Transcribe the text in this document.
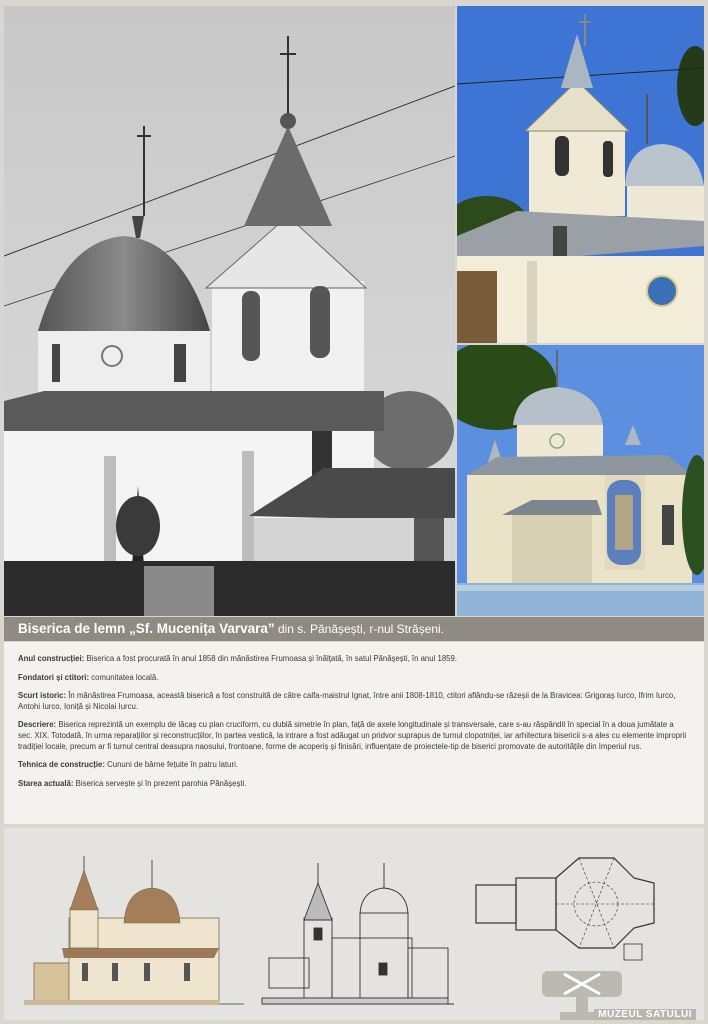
Biserica de lemn „Sf. Mucenița Varvara” din s. Pănășești, r-nul Strășeni.

Anul construcției: Biserica a fost procurată în anul 1858 din mănăstirea Frumoasa și înălțată, în satul Pănășești, în anul 1859.

Fondatori și ctitori: comunitatea locală.

Scurt istoric: În mănăstirea Frumoasa, această biserică a fost construită de către calfa-maistrul Ignat, între anii 1808-1810, ctitori aflându-se răzeșii de la Bravicea: Grigoraș Iurco, Ifrim Iurco, Antohi Iurco, Ioniță și Nicolai Iurcu.

Descriere: Biserica reprezintă un exemplu de lăcaș cu plan cruciform, cu dublă simetrie în plan, față de axele longitudinale și transversale, care s-au răspândit în special în a doua jumătate a sec. XIX. Totodată, în urma reparațiilor și reconstrucțiilor, în partea vestică, la intrare a fost adăugat un pridvor suprapus de turnul clopotniței, iar arhitectura bisericii s-a ales cu elemente improprii tradiției locale, precum ar fi turnul central deasupra naosului, frontoane, forme de acoperiș și finisări, influențate de proiectele-tip de biserici promovate de autoritățile din Imperiul rus.

Tehnica de construcție: Cununi de bârne fețuite în patru laturi.

Starea actuală: Biserica servește și în prezent parohia Pănășești.

MUZEUL SATULUI
